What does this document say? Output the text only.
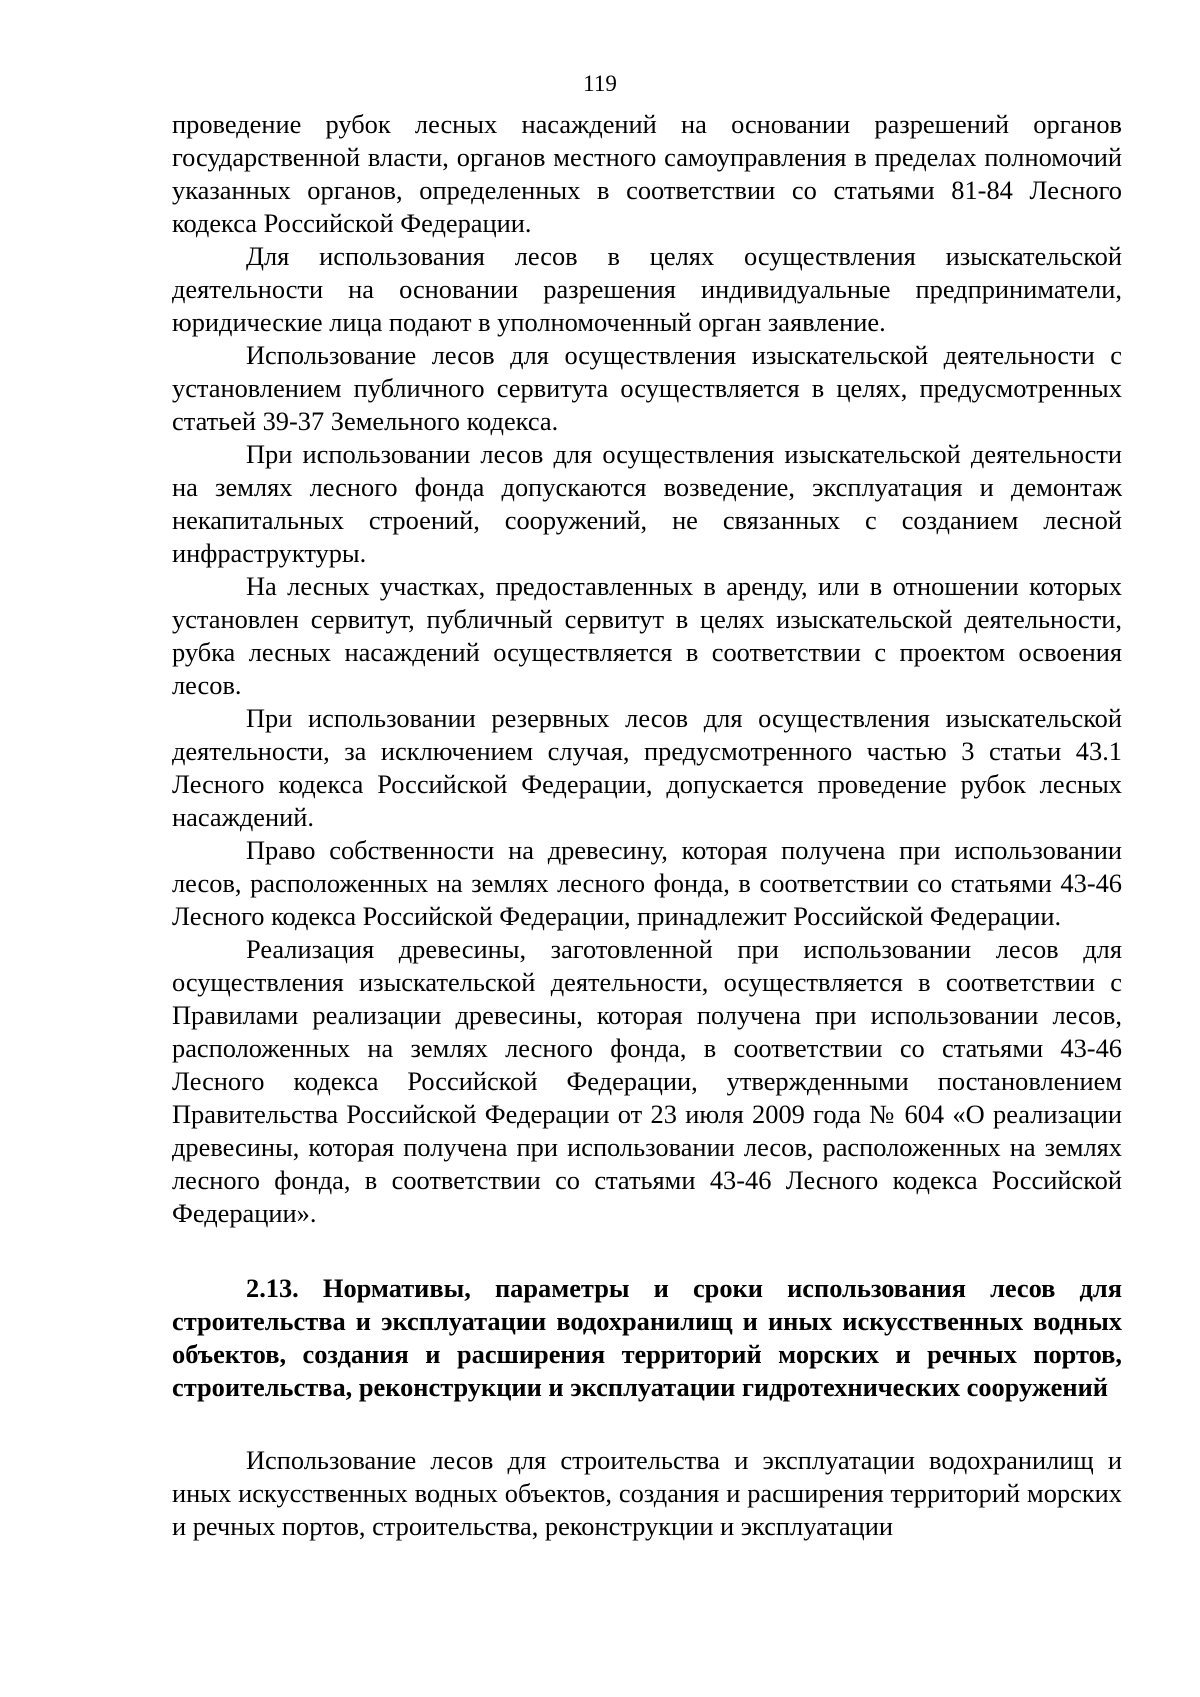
119

проведение рубок лесных насаждений на основании разрешений органов государственной власти, органов местного самоуправления в пределах полномочий указанных органов, определенных в соответствии со статьями 81-84 Лесного кодекса Российской Федерации.

Для использования лесов в целях осуществления изыскательской деятельности на основании разрешения индивидуальные предприниматели, юридические лица подают в уполномоченный орган заявление.

Использование лесов для осуществления изыскательской деятельности с установлением публичного сервитута осуществляется в целях, предусмотренных статьей 39-37 Земельного кодекса.

При использовании лесов для осуществления изыскательской деятельности на землях лесного фонда допускаются возведение, эксплуатация и демонтаж некапитальных строений, сооружений, не связанных с созданием лесной инфраструктуры.

На лесных участках, предоставленных в аренду, или в отношении которых установлен сервитут, публичный сервитут в целях изыскательской деятельности, рубка лесных насаждений осуществляется в соответствии с проектом освоения лесов.

При использовании резервных лесов для осуществления изыскательской деятельности, за исключением случая, предусмотренного частью 3 статьи 43.1 Лесного кодекса Российской Федерации, допускается проведение рубок лесных насаждений.

Право собственности на древесину, которая получена при использовании лесов, расположенных на землях лесного фонда, в соответствии со статьями 43-46 Лесного кодекса Российской Федерации, принадлежит Российской Федерации.

Реализация древесины, заготовленной при использовании лесов для осуществления изыскательской деятельности, осуществляется в соответствии с Правилами реализации древесины, которая получена при использовании лесов, расположенных на землях лесного фонда, в соответствии со статьями 43-46 Лесного кодекса Российской Федерации, утвержденными постановлением Правительства Российской Федерации от 23 июля 2009 года № 604 «О реализации древесины, которая получена при использовании лесов, расположенных на землях лесного фонда, в соответствии со статьями 43-46 Лесного кодекса Российской Федерации».

2.13. Нормативы, параметры и сроки использования лесов для строительства и эксплуатации водохранилищ и иных искусственных водных объектов, создания и расширения территорий морских и речных портов, строительства, реконструкции и эксплуатации гидротехнических сооружений

Использование лесов для строительства и эксплуатации водохранилищ и иных искусственных водных объектов, создания и расширения территорий морских и речных портов, строительства, реконструкции и эксплуатации
